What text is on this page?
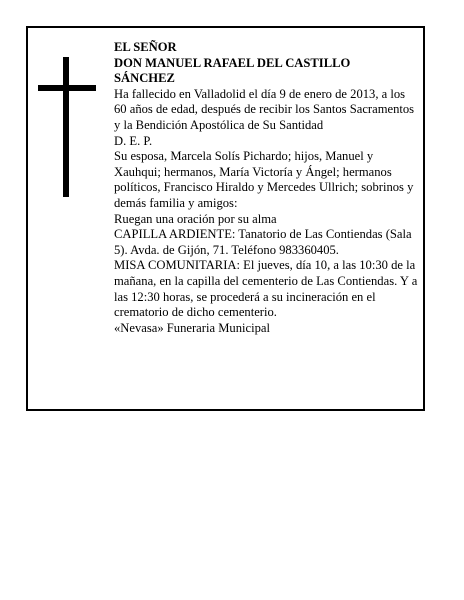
EL SEÑOR

DON MANUEL RAFAEL DEL CASTILLO

SÁNCHEZ

Ha fallecido en Valladolid el día 9 de enero de 2013, a los 60 años de edad, después de recibir los Santos Sacramentos y la Bendición Apostólica de Su Santidad

D. E. P.

Su esposa, Marcela Solís Pichardo; hijos, Manuel y Xauhqui; hermanos, María Victoría y Ángel; hermanos políticos, Francisco Hiraldo y Mercedes Ullrich; sobrinos y demás familia y amigos:

Ruegan una oración por su alma

CAPILLA ARDIENTE: Tanatorio de Las Contiendas (Sala 5). Avda. de Gijón, 71. Teléfono 983360405.

MISA COMUNITARIA: El jueves, día 10, a las 10:30 de la mañana, en la capilla del cementerio de Las Contiendas. Y a las 12:30 horas, se procederá a su incineración en el crematorio de dicho cementerio.

«Nevasa» Funeraria Municipal
